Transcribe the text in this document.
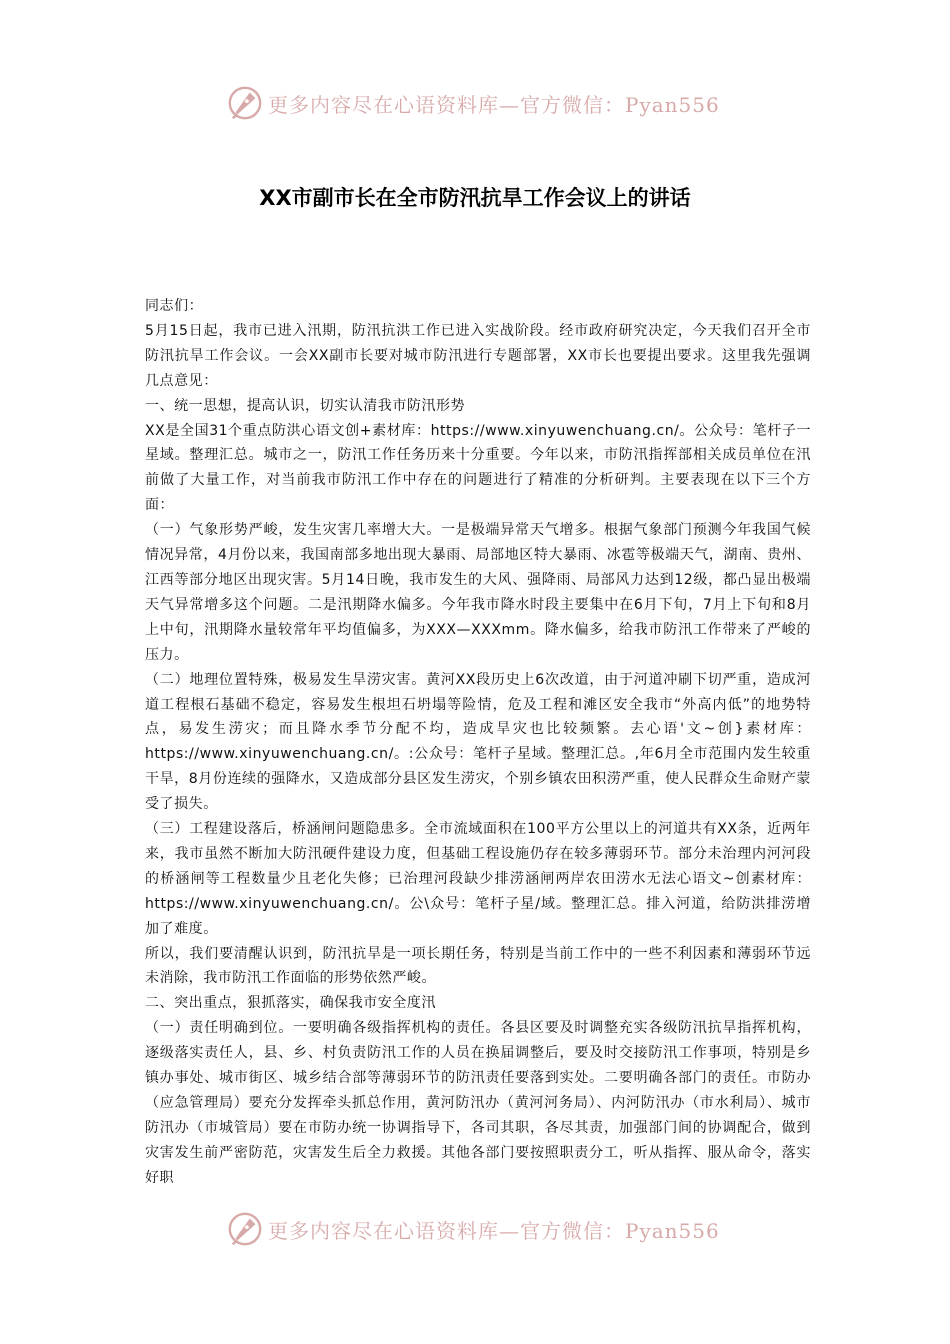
更多内容尽在心语资料库—官方微信：Pyan556
XX市副市长在全市防汛抗旱工作会议上的讲话

同志们：

5月15日起，我市已进入汛期，防汛抗洪工作已进入实战阶段。经市政府研究决定，今天我们召开全市防汛抗旱工作会议。一会XX副市长要对城市防汛进行专题部署，XX市长也要提出要求。这里我先强调几点意见：

一、统一思想，提高认识，切实认清我市防汛形势

XX是全国31个重点防洪心语文创+素材库：https://www.xinyuwenchuang.cn/。公众号：笔杆子一星域。整理汇总。城市之一，防汛工作任务历来十分重要。今年以来，市防汛指挥部相关成员单位在汛前做了大量工作，对当前我市防汛工作中存在的问题进行了精准的分析研判。主要表现在以下三个方面：

（一）气象形势严峻，发生灾害几率增大大。一是极端异常天气增多。根据气象部门预测今年我国气候情况异常，4月份以来，我国南部多地出现大暴雨、局部地区特大暴雨、冰雹等极端天气，湖南、贵州、江西等部分地区出现灾害。5月14日晚，我市发生的大风、强降雨、局部风力达到12级，都凸显出极端天气异常增多这个问题。二是汛期降水偏多。今年我市降水时段主要集中在6月下旬，7月上下旬和8月上中旬，汛期降水量较常年平均值偏多，为XXX—XXXmm。降水偏多，给我市防汛工作带来了严峻的压力。

（二）地理位置特殊，极易发生旱涝灾害。黄河XX段历史上6次改道，由于河道冲刷下切严重，造成河道工程根石基础不稳定，容易发生根坦石坍塌等险情，危及工程和滩区安全我市“外高内低”的地势特点，易发生涝灾；而且降水季节分配不均，造成旱灾也比较频繁。去心语'文~创}素材库：https://www.xinyuwenchuang.cn/。:公众号：笔杆子星域。整理汇总。,年6月全市范围内发生较重干旱，8月份连续的强降水，又造成部分县区发生涝灾，个别乡镇农田积涝严重，使人民群众生命财产蒙受了损失。

（三）工程建设落后，桥涵闸问题隐患多。全市流域面积在100平方公里以上的河道共有XX条，近两年来，我市虽然不断加大防汛硬件建设力度，但基础工程设施仍存在较多薄弱环节。部分未治理内河河段的桥涵闸等工程数量少且老化失修；已治理河段缺少排涝涵闸两岸农田涝水无法心语文~创素材库：https://www.xinyuwenchuang.cn/。公\众号：笔杆子星/域。整理汇总。排入河道，给防洪排涝增加了难度。

所以，我们要清醒认识到，防汛抗旱是一项长期任务，特别是当前工作中的一些不利因素和薄弱环节远未消除，我市防汛工作面临的形势依然严峻。

二、突出重点，狠抓落实，确保我市安全度汛

（一）责任明确到位。一要明确各级指挥机构的责任。各县区要及时调整充实各级防汛抗旱指挥机构，逐级落实责任人，县、乡、村负责防汛工作的人员在换届调整后，要及时交接防汛工作事项，特别是乡镇办事处、城市街区、城乡结合部等薄弱环节的防汛责任要落到实处。二要明确各部门的责任。市防办（应急管理局）要充分发挥牵头抓总作用，黄河防汛办（黄河河务局）、内河防汛办（市水利局）、城市防汛办（市城管局）要在市防办统一协调指导下，各司其职，各尽其责，加强部门间的协调配合，做到灾害发生前严密防范，灾害发生后全力救援。其他各部门要按照职责分工，听从指挥、服从命令，落实好职

更多内容尽在心语资料库—官方微信：Pyan556
